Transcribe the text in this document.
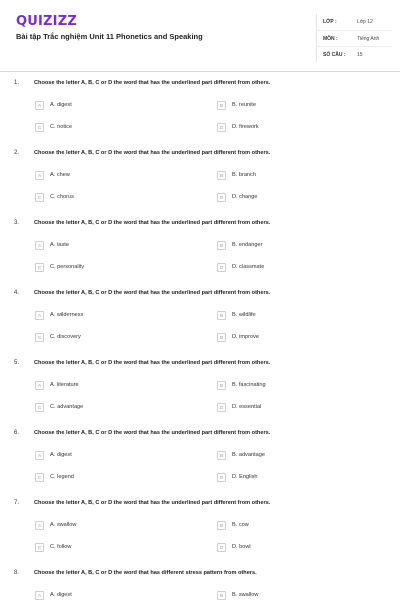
QUIZIZZ
Bài tập Trắc nghiệm Unit 11 Phonetics and Speaking
LỚP :	Lớp 12
MÔN :	Tiếng Anh
SỐ CÂU :	15
1.	Choose the letter A, B, C or D the word that has the underlined part different from others.
A	A. digest	B	B. reunite
C	C. notice	D	D. firework
2.	Choose the letter A, B, C or D the word that has the underlined part different from others.
A	A. chew	B	B. branch
C	C. chorus	D	D. change
3.	Choose the letter A, B, C or D the word that has the underlined part different from others.
A	A. taste	B	B. endanger
C	C. personality	D	D. classmate
4.	Choose the letter A, B, C or D the word that has the underlined part different from others.
A	A. wilderness	B	B. wildlife
C	C. discovery	D	D. improve
5.	Choose the letter A, B, C or D the word that has the underlined part different from others.
A	A. literature	B	B. fascinating
C	C. advantage	D	D. essential
6.	Choose the letter A, B, C or D the word that has the underlined part different from others.
A	A. digest	B	B. advantage
C	C. legend	D	D. English
7.	Choose the letter A, B, C or D the word that has the underlined part different from others.
A	A. swallow	B	B. cow
C	C. follow	D	D. bowl
8.	Choose the letter A, B, C or D the word that has different stress pattern from others.
A	A. digest	B	B. swallow
